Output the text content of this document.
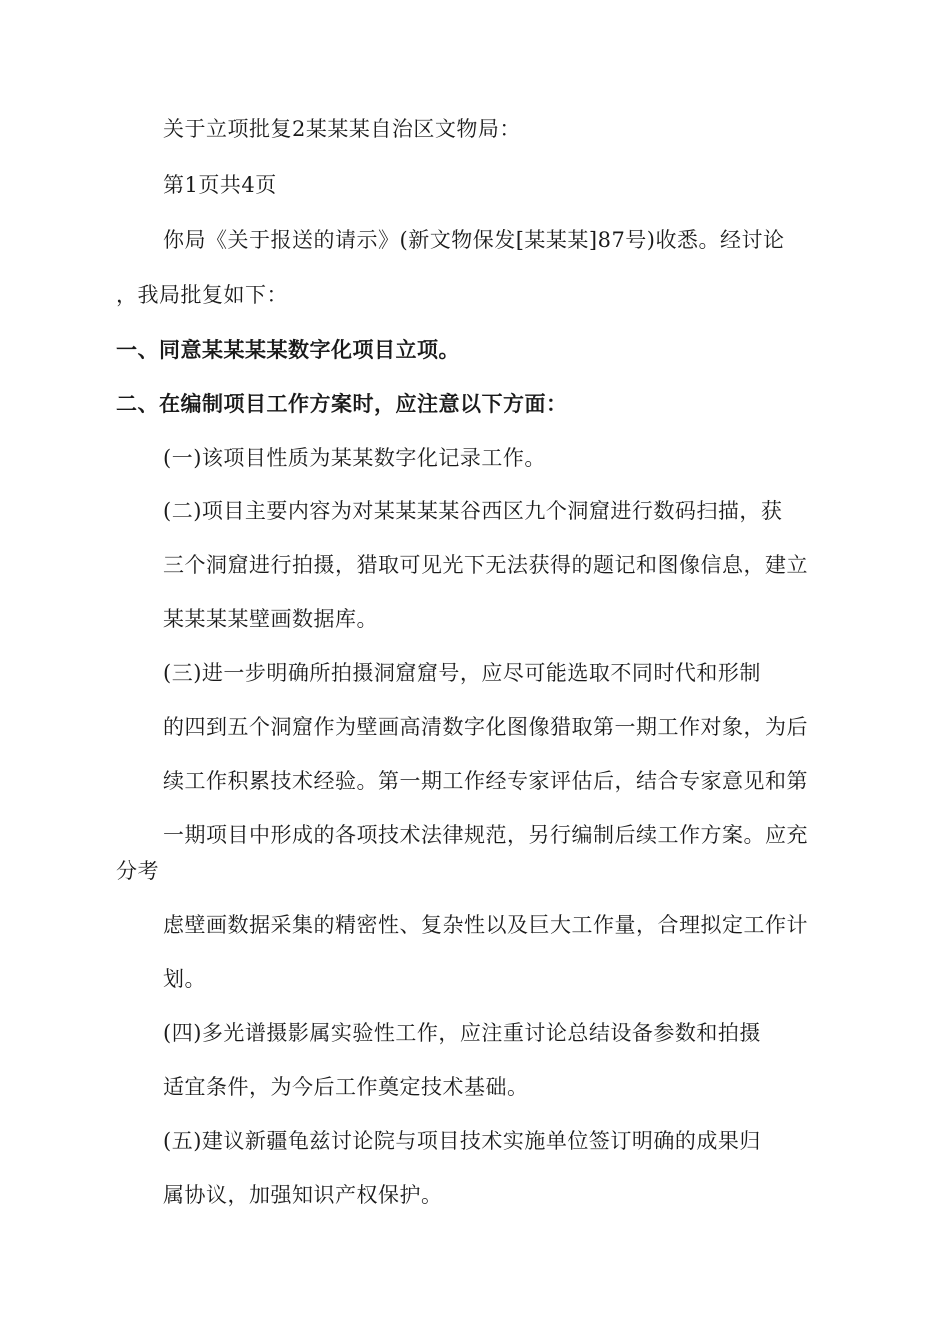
关于立项批复2某某某自治区文物局：
第1页共4页
你局《关于报送的请示》(新文物保发[某某某]87号)收悉。经讨论
，我局批复如下：
一、同意某某某某数字化项目立项。
二、在编制项目工作方案时，应注意以下方面：
(一)该项目性质为某某数字化记录工作。
(二)项目主要内容为对某某某某谷西区九个洞窟进行数码扫描，获
三个洞窟进行拍摄，猎取可见光下无法获得的题记和图像信息，建立
某某某某壁画数据库。
(三)进一步明确所拍摄洞窟窟号，应尽可能选取不同时代和形制
的四到五个洞窟作为壁画高清数字化图像猎取第一期工作对象，为后
续工作积累技术经验。第一期工作经专家评估后，结合专家意见和第
一期项目中形成的各项技术法律规范，另行编制后续工作方案。应充
分考
虑壁画数据采集的精密性、复杂性以及巨大工作量，合理拟定工作计
划。
(四)多光谱摄影属实验性工作，应注重讨论总结设备参数和拍摄
适宜条件，为今后工作奠定技术基础。
(五)建议新疆龟兹讨论院与项目技术实施单位签订明确的成果归
属协议，加强知识产权保护。
